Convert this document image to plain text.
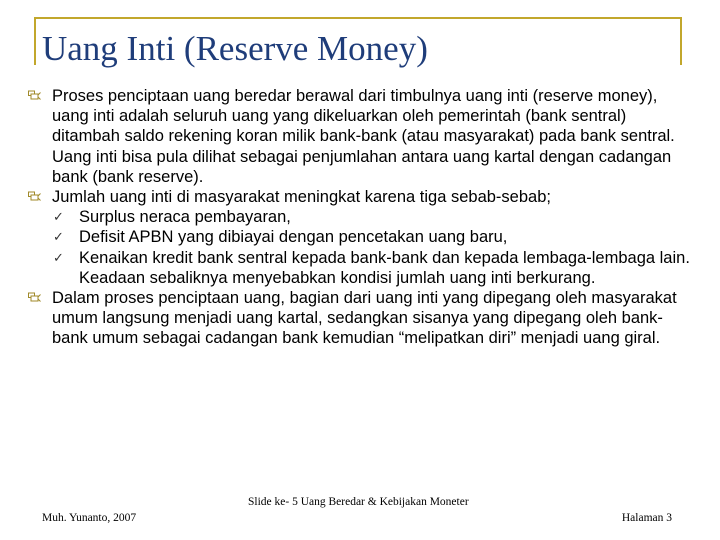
Uang Inti (Reserve Money)
Proses penciptaan uang beredar berawal dari timbulnya uang inti (reserve money), uang inti adalah seluruh uang yang dikeluarkan oleh pemerintah (bank sentral) ditambah saldo rekening koran milik bank-bank (atau masyarakat) pada bank sentral. Uang inti bisa pula dilihat sebagai penjumlahan antara uang kartal dengan cadangan bank (bank reserve).
Jumlah uang inti di masyarakat meningkat karena tiga sebab-sebab;
✓ Surplus neraca pembayaran,
✓ Defisit APBN yang dibiayai dengan pencetakan uang baru,
✓ Kenaikan kredit bank sentral kepada bank-bank dan kepada lembaga-lembaga lain. Keadaan sebaliknya menyebabkan kondisi jumlah uang inti berkurang.
Dalam proses penciptaan uang, bagian dari uang inti yang dipegang oleh masyarakat umum langsung menjadi uang kartal, sedangkan sisanya yang dipegang oleh bank-bank umum sebagai cadangan bank kemudian “melipatkan diri” menjadi uang giral.
Slide ke- 5 Uang Beredar & Kebijakan Moneter
Muh. Yunanto, 2007	Halaman 3
